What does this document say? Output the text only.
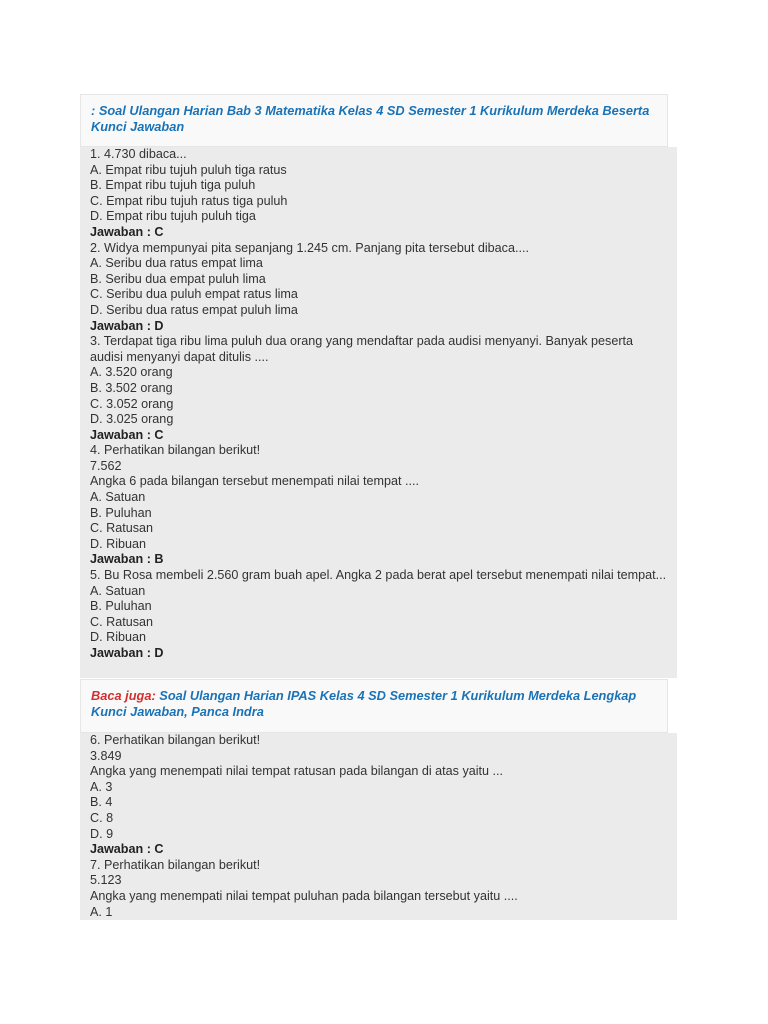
: Soal Ulangan Harian Bab 3 Matematika Kelas 4 SD Semester 1 Kurikulum Merdeka Beserta Kunci Jawaban
1. 4.730 dibaca...
A. Empat ribu tujuh puluh tiga ratus
B. Empat ribu tujuh tiga puluh
C. Empat ribu tujuh ratus tiga puluh
D. Empat ribu tujuh puluh tiga
Jawaban : C
2. Widya mempunyai pita sepanjang 1.245 cm. Panjang pita tersebut dibaca....
A. Seribu dua ratus empat lima
B. Seribu dua empat puluh lima
C. Seribu dua puluh empat ratus lima
D. Seribu dua ratus empat puluh lima
Jawaban : D
3. Terdapat tiga ribu lima puluh dua orang yang mendaftar pada audisi menyanyi. Banyak peserta audisi menyanyi dapat ditulis ....
A. 3.520 orang
B. 3.502 orang
C. 3.052 orang
D. 3.025 orang
Jawaban : C
4. Perhatikan bilangan berikut!
7.562
Angka 6 pada bilangan tersebut menempati nilai tempat ....
A. Satuan
B. Puluhan
C. Ratusan
D. Ribuan
Jawaban : B
5. Bu Rosa membeli 2.560 gram buah apel. Angka 2 pada berat apel tersebut menempati nilai tempat...
A. Satuan
B. Puluhan
C. Ratusan
D. Ribuan
Jawaban : D
Baca juga: Soal Ulangan Harian IPAS Kelas 4 SD Semester 1 Kurikulum Merdeka Lengkap Kunci Jawaban, Panca Indra
6. Perhatikan bilangan berikut!
3.849
Angka yang menempati nilai tempat ratusan pada bilangan di atas yaitu ...
A. 3
B. 4
C. 8
D. 9
Jawaban : C
7. Perhatikan bilangan berikut!
5.123
Angka yang menempati nilai tempat puluhan pada bilangan tersebut yaitu ....
A. 1
